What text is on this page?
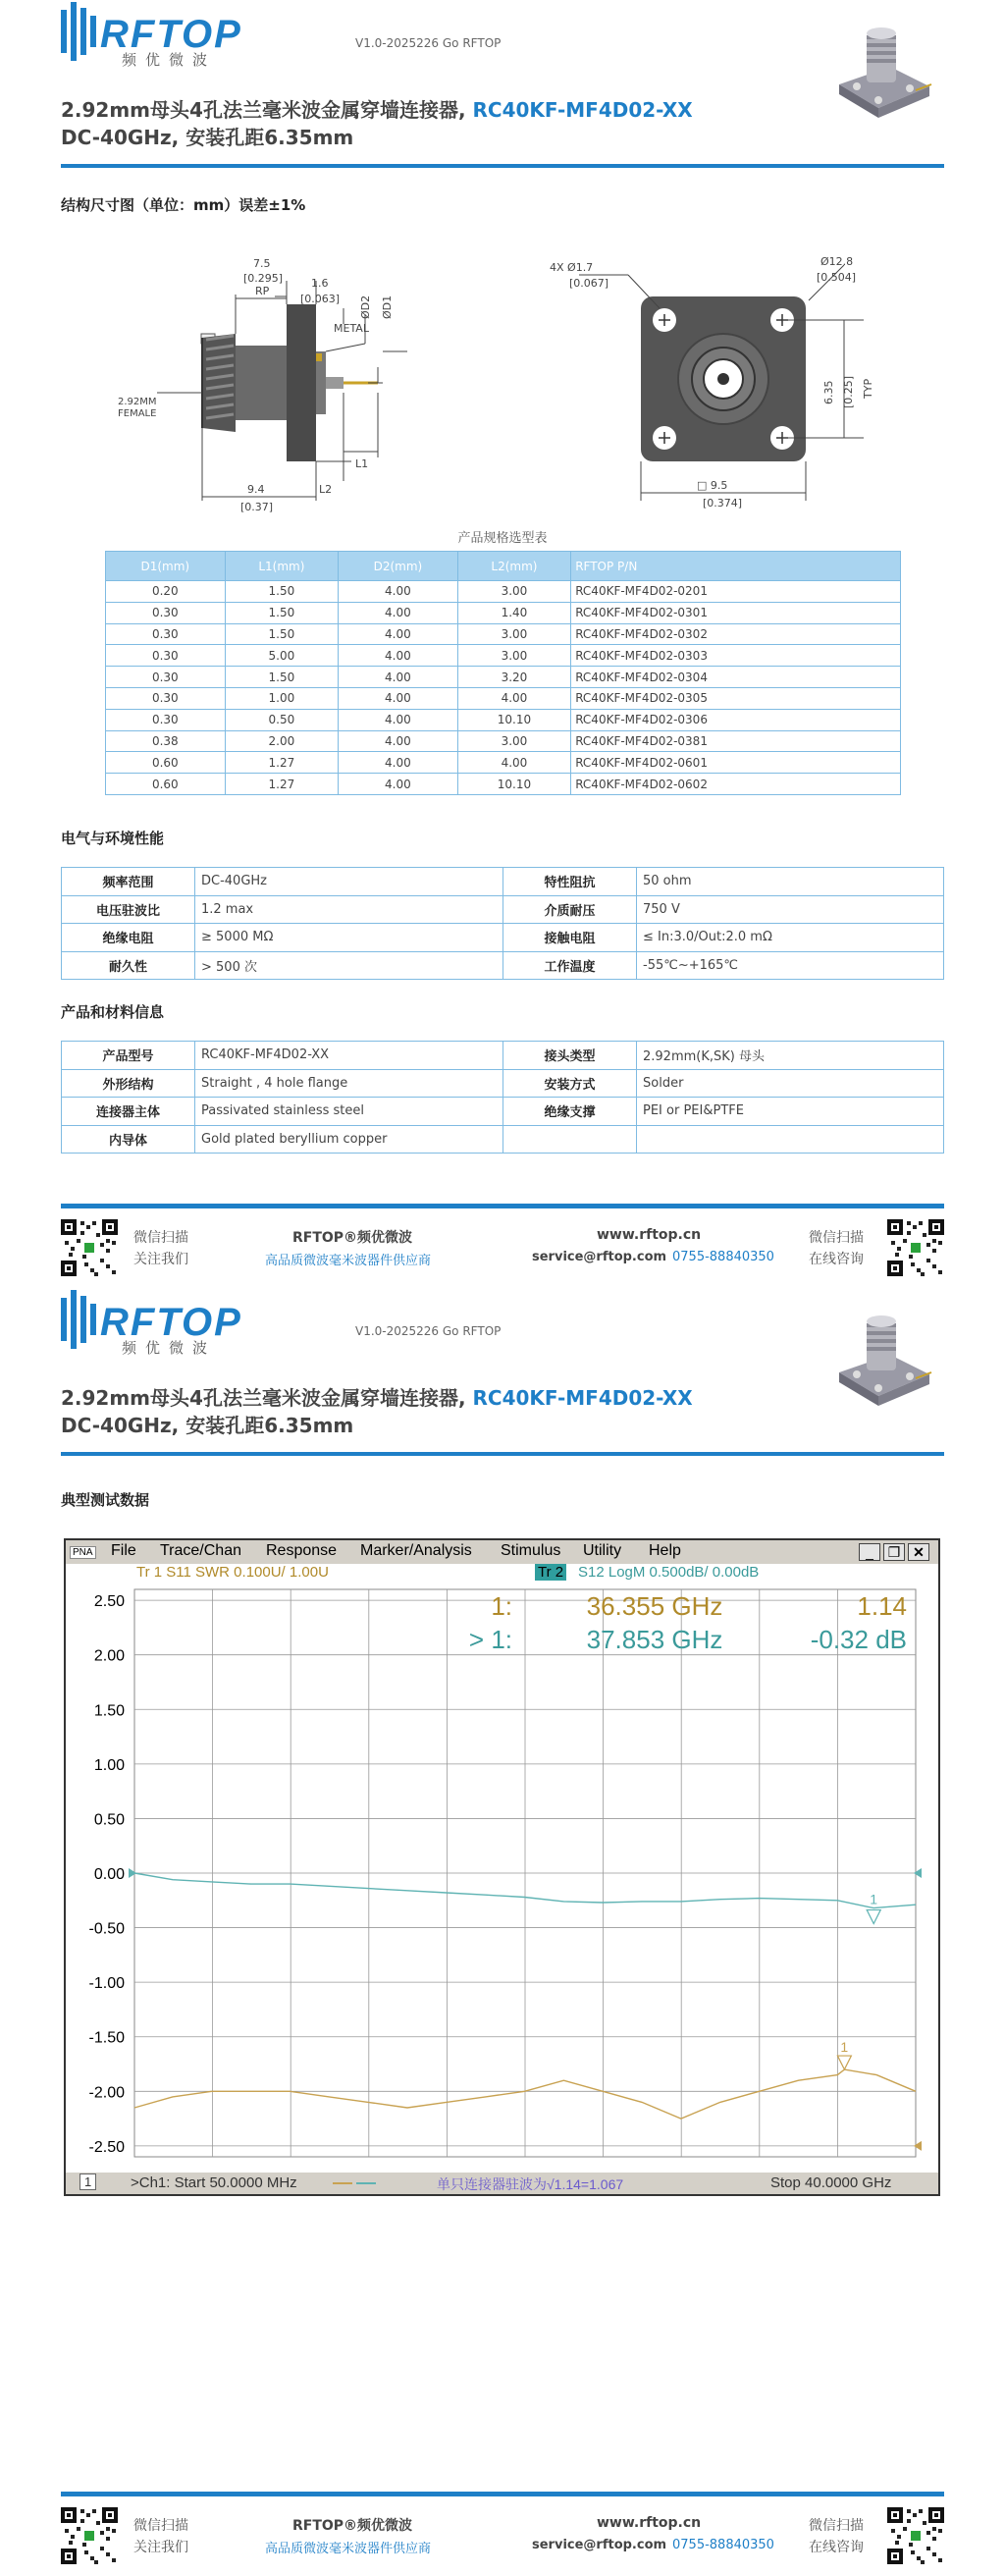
RFTOP
频优微波
V1.0-2025226 Go RFTOP
2.92mm母头4孔法兰毫米波金属穿墙连接器, RC40KF-MF4D02-XX
DC-40GHz, 安装孔距6.35mm
结构尺寸图（单位：mm）误差±1%
7.5
[0.295]
RP
1.6
[0.063]
METAL
ØD2 ØD1
2.92MM
FEMALE
L1
L2
9.4
[0.37]
4X Ø1.7
[0.067]
Ø12.8
[0.504]
6.35 [0.25] TYP
□ 9.5
[0.374]
产品规格选型表
D1(mm)	L1(mm)	D2(mm)	L2(mm)	RFTOP P/N
0.20	1.50	4.00	3.00	RC40KF-MF4D02-0201
0.30	1.50	4.00	1.40	RC40KF-MF4D02-0301
0.30	1.50	4.00	3.00	RC40KF-MF4D02-0302
0.30	5.00	4.00	3.00	RC40KF-MF4D02-0303
0.30	1.50	4.00	3.20	RC40KF-MF4D02-0304
0.30	1.00	4.00	4.00	RC40KF-MF4D02-0305
0.30	0.50	4.00	10.10	RC40KF-MF4D02-0306
0.38	2.00	4.00	3.00	RC40KF-MF4D02-0381
0.60	1.27	4.00	4.00	RC40KF-MF4D02-0601
0.60	1.27	4.00	10.10	RC40KF-MF4D02-0602
电气与环境性能
频率范围	DC-40GHz	特性阻抗	50 ohm
电压驻波比	1.2 max	介质耐压	750 V
绝缘电阻	≥ 5000 MΩ	接触电阻	≤ In:3.0/Out:2.0 mΩ
耐久性	> 500 次	工作温度	-55℃~+165℃
产品和材料信息
产品型号	RC40KF-MF4D02-XX	接头类型	2.92mm(K,SK) 母头
外形结构	Straight , 4 hole flange	安装方式	Solder
连接器主体	Passivated stainless steel	绝缘支撑	PEI or PEI&PTFE
内导体	Gold plated beryllium copper		
微信扫描
关注我们
RFTOP®频优微波
高品质微波毫米波器件供应商
www.rftop.cn
service@rftop.com 0755-88840350
微信扫描
在线咨询
RFTOP
频优微波
V1.0-2025226 Go RFTOP
2.92mm母头4孔法兰毫米波金属穿墙连接器, RC40KF-MF4D02-XX
DC-40GHz, 安装孔距6.35mm
典型测试数据
PNA File Trace/Chan Response Marker/Analysis Stimulus Utility Help	_	❐ ✕
Tr 1 S11 SWR 0.100U/ 1.00U	Tr 2 S12 LogM 0.500dB/ 0.00dB
2.50
2.00
1.50
1.00
0.50
0.00
-0.50
-1.00
-1.50
-2.00
-2.50
1
1
1:	36.355 GHz	1.14
> 1:	37.853 GHz	-0.32 dB
1	>Ch1: Start 50.0000 MHz	单只连接器驻波为√1.14=1.067	Stop 40.0000 GHz
微信扫描
关注我们
RFTOP®频优微波
高品质微波毫米波器件供应商
www.rftop.cn
service@rftop.com 0755-88840350
微信扫描
在线咨询
